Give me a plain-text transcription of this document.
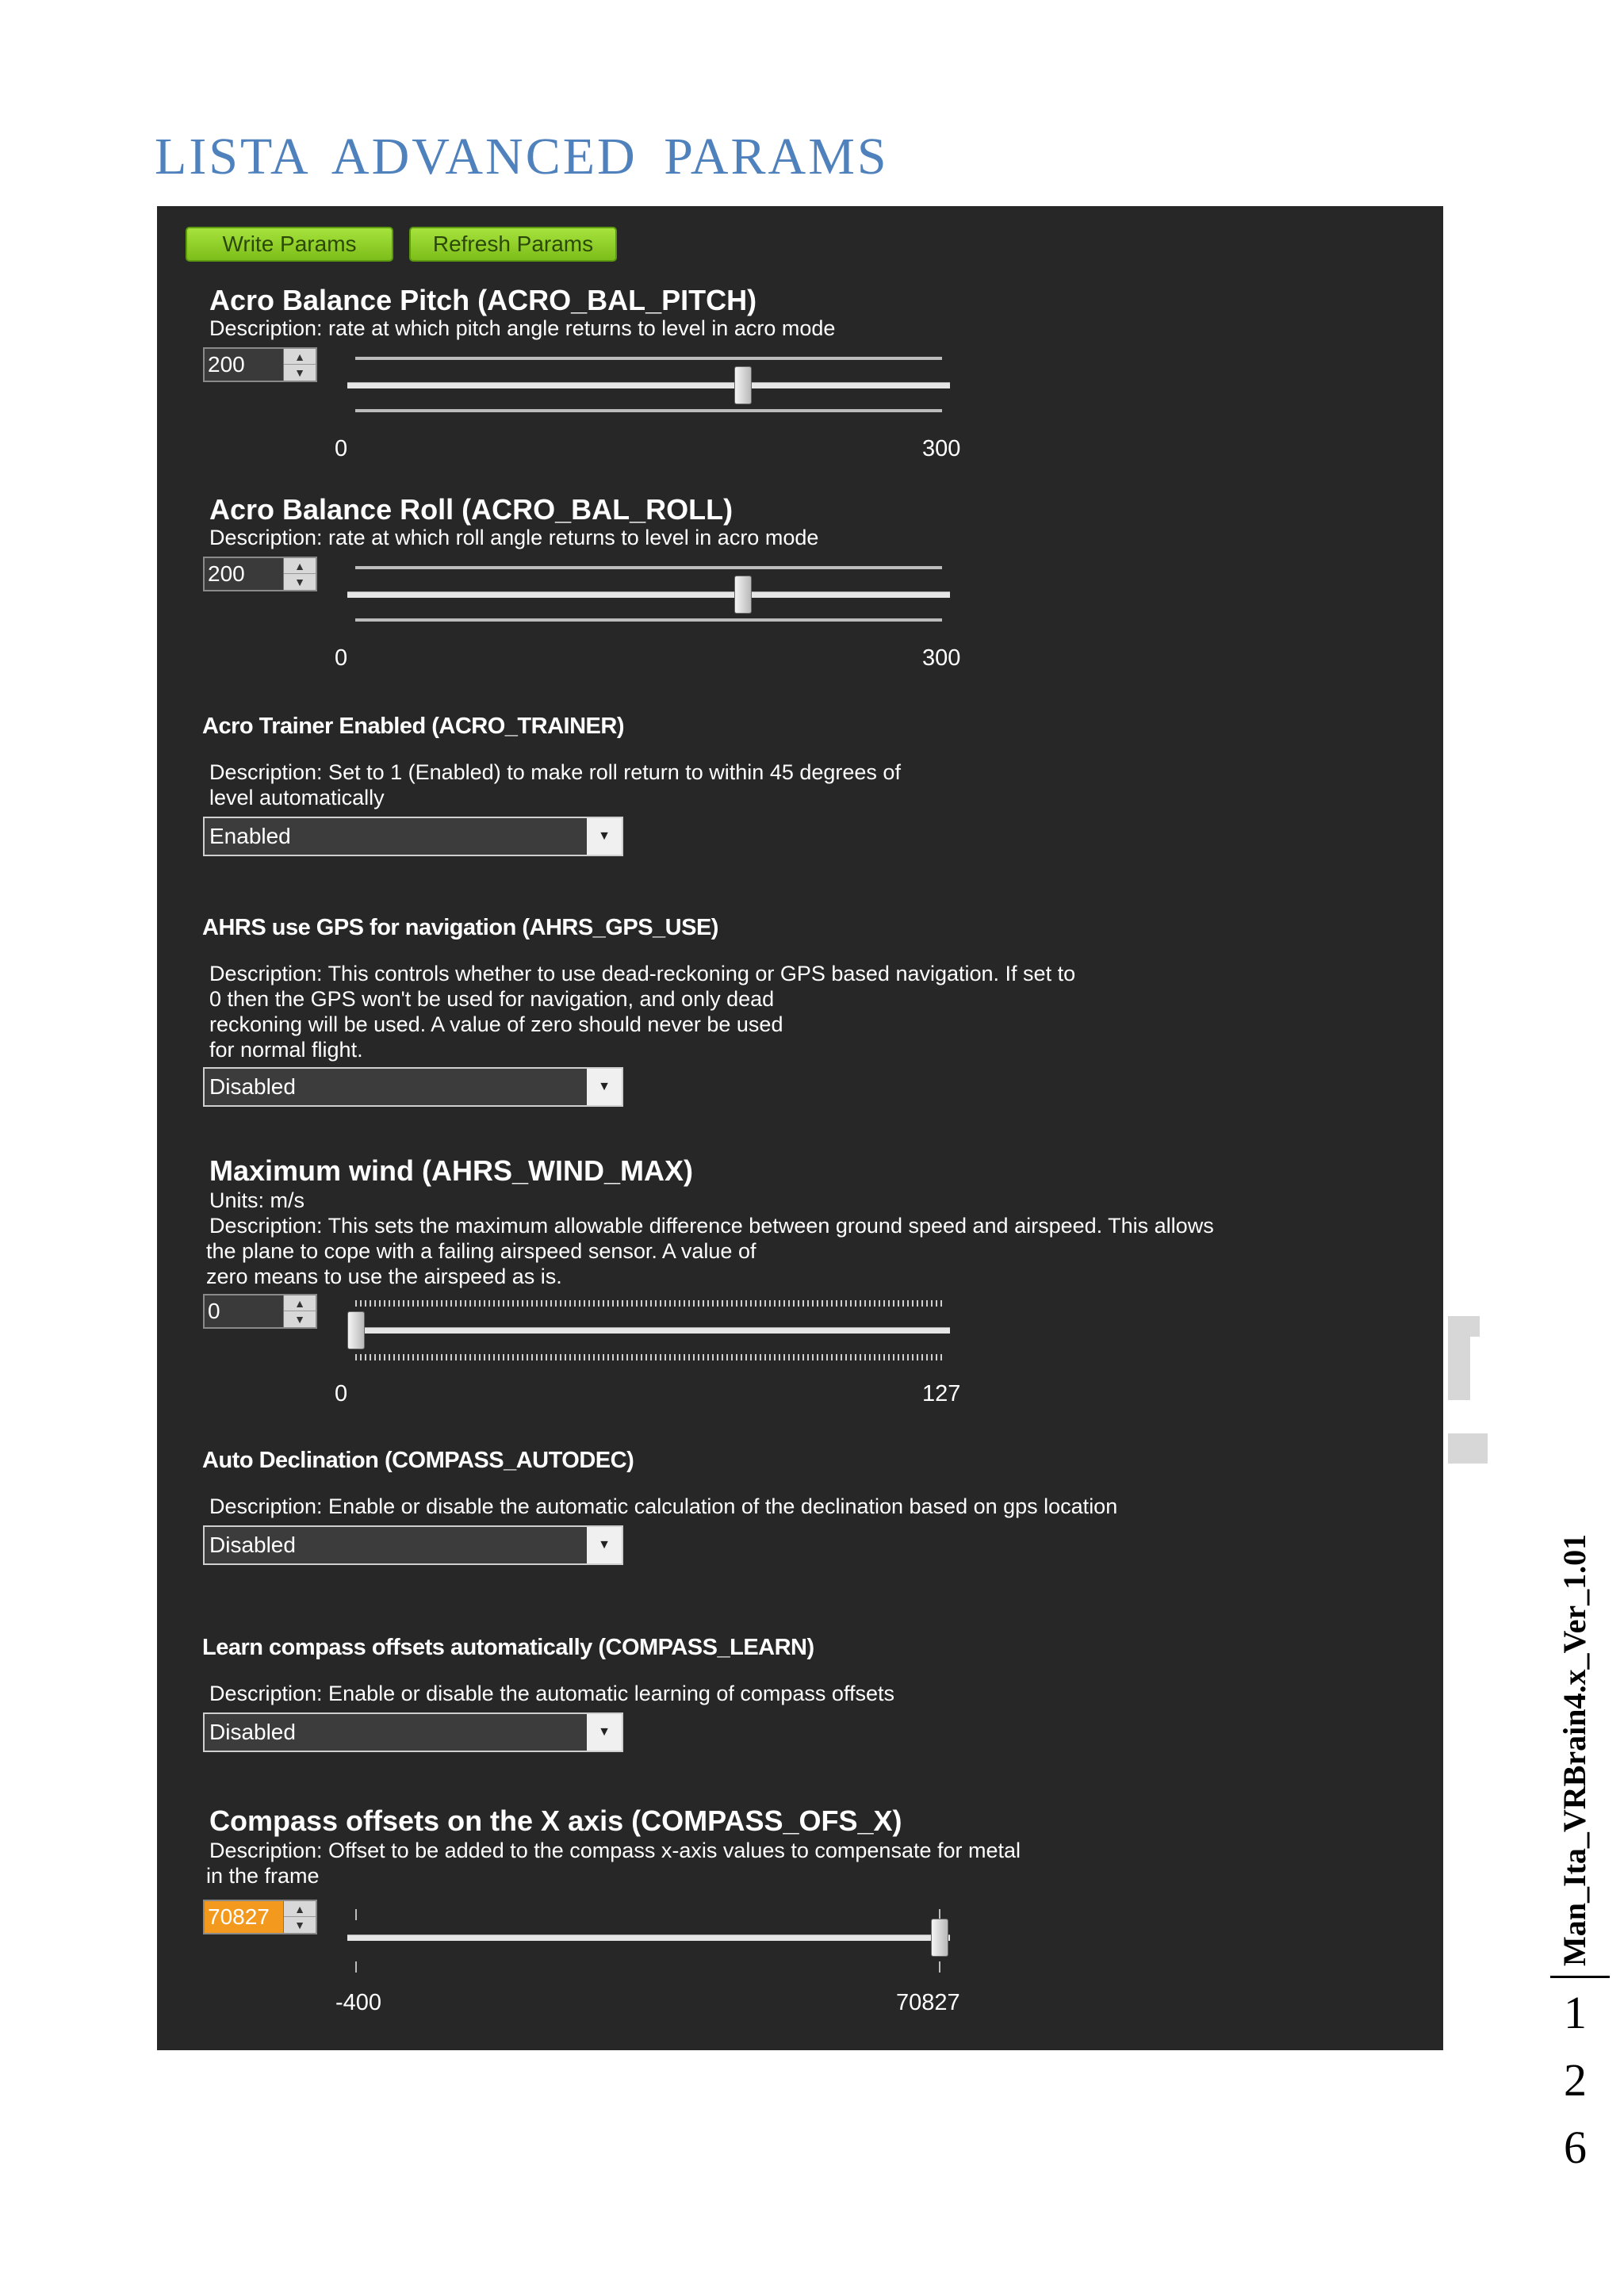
LISTA ADVANCED PARAMS
Write Params	Refresh Params
Acro Balance Pitch (ACRO_BAL_PITCH)
Description: rate at which pitch angle returns to level in acro mode
200	▲
▼
0	300
Acro Balance Roll (ACRO_BAL_ROLL)
Description: rate at which roll angle returns to level in acro mode
200	▲
▼
0	300
Acro Trainer Enabled (ACRO_TRAINER)
Description: Set to 1 (Enabled) to make roll return to within 45 degrees of
level automatically
Enabled	▼
AHRS use GPS for navigation (AHRS_GPS_USE)
Description: This controls whether to use dead-reckoning or GPS based navigation. If set to
0 then the GPS won't be used for navigation, and only dead
reckoning will be used. A value of zero should never be used
for normal flight.
Disabled	▼
Maximum wind (AHRS_WIND_MAX)
Units: m/s
Description: This sets the maximum allowable difference between ground speed and airspeed. This allows
the plane to cope with a failing airspeed sensor. A value of
zero means to use the airspeed as is.
0	▲
▼
0	127
Auto Declination (COMPASS_AUTODEC)
Description: Enable or disable the automatic calculation of the declination based on gps location
Disabled	▼
Learn compass offsets automatically (COMPASS_LEARN)
Description: Enable or disable the automatic learning of compass offsets
Disabled	▼
Compass offsets on the X axis (COMPASS_OFS_X)
Description: Offset to be added to the compass x-axis values to compensate for metal
in the frame
70827	▲
▼
-400	70827
Man_Ita_VRBrain4.x_Ver_1.01
1
2
6
